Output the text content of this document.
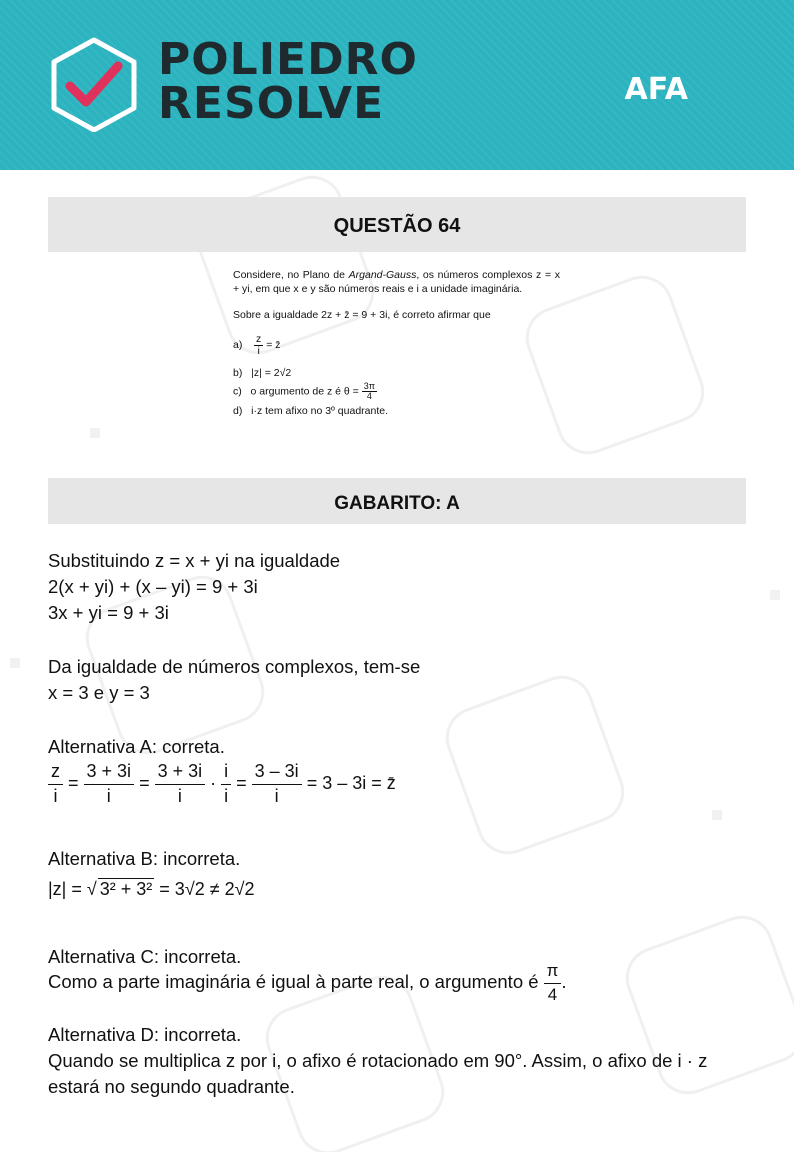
POLIEDRO
RESOLVE	AFA
QUESTÃO 64

Considere, no Plano de Argand-Gauss, os números complexos z = x + yi, em que x e y são números reais e i a unidade imaginária.

Sobre a igualdade 2z + z̄ = 9 + 3i, é correto afirmar que

$a) \frac{z}{i}$ = z̄
b) |z| = 2√2
c) o argumento de z é $\theta = \frac{3\pi}{4}$
d) i·z tem afixo no 3º quadrante.
GABARITO: A
Substituindo z = x + yi na igualdade
2(x + yi) + (x – yi) = 9 + 3i
3x + yi = 9 + 3i
Da igualdade de números complexos, tem-se
x = 3 e y = 3
Alternativa A: correta.
$\frac{z}{i} = \frac{3 + 3i}{i} = \frac{3 + 3i}{i} \cdot \frac{i}{i} = \frac{3 - 3i}{i} = 3 - 3i$ = z̄
Alternativa B: incorreta.
|z| = √ 3² + 3² = 3√2 ≠ 2√2
Alternativa C: incorreta.
Como a parte imaginária é igual à parte real, o argumento é $\frac{\pi}{4}$ .
Alternativa D: incorreta.
Quando se multiplica z por i, o afixo é rotacionado em 90°. Assim, o afixo de i · z
estará no segundo quadrante.
